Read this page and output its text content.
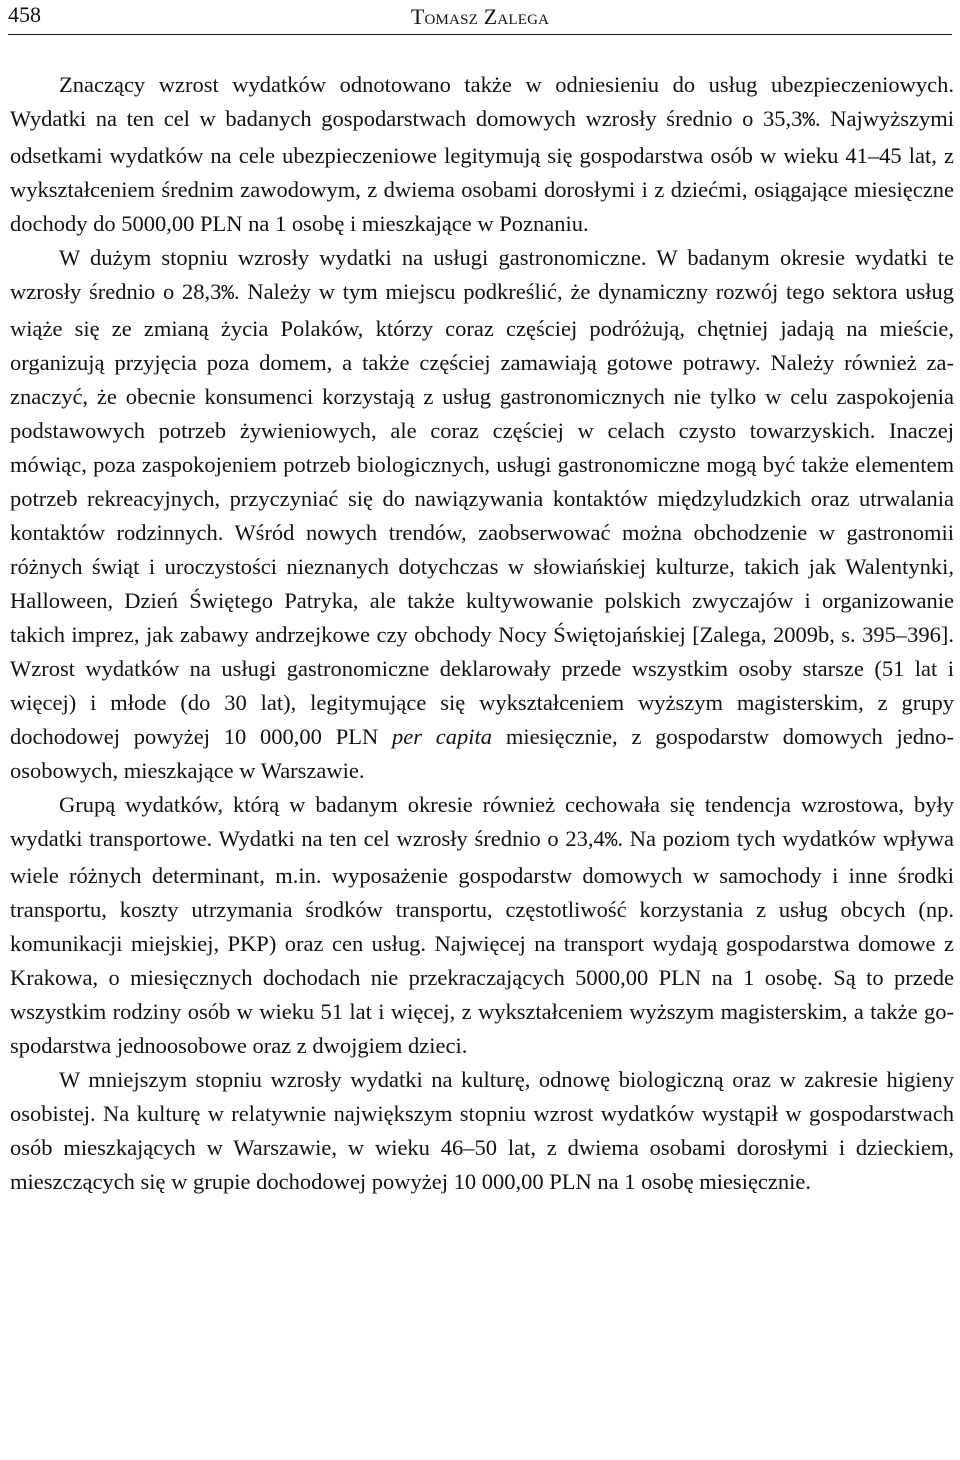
458	Tomasz Zalega

Znaczący wzrost wydatków odnotowano także w odniesieniu do usług ubezpieczeniowych. Wydatki na ten cel w badanych gospodarstwach domowych wzrosły średnio o 35,3%. Najwyższymi odsetkami wydatków na cele ubezpieczeniowe legitymują się gospodarstwa osób w wieku 41–45 lat, z wykształceniem średnim zawodowym, z dwiema osobami dorosłymi i z dziećmi, osiągające miesięczne dochody do 5000,00 PLN na 1 osobę i mieszkające w Poznaniu.

W dużym stopniu wzrosły wydatki na usługi gastronomiczne. W badanym okresie wydatki te wzrosły średnio o 28,3%. Należy w tym miejscu podkreślić, że dynamiczny rozwój tego sektora usług wiąże się ze zmianą życia Polaków, którzy coraz częściej podróżują, chętniej jadają na mieście, organizują przyjęcia poza domem, a także częściej zamawiają gotowe potrawy. Należy również zaznaczyć, że obecnie konsumenci korzystają z usług gastronomicznych nie tylko w celu zaspokojenia podstawowych potrzeb żywieniowych, ale coraz częściej w celach czysto towarzyskich. Inaczej mówiąc, poza zaspokojeniem potrzeb biologicznych, usługi gastronomiczne mogą być także elementem potrzeb rekreacyjnych, przyczyniać się do nawiązywania kontaktów międzyludzkich oraz utrwalania kontaktów rodzinnych. Wśród nowych trendów, zaobserwować można obchodzenie w gastronomii różnych świąt i uroczystości nieznanych dotychczas w słowiańskiej kulturze, takich jak Walentynki, Halloween, Dzień Świętego Patryka, ale także kultywowanie polskich zwyczajów i organizowanie takich imprez, jak zabawy andrzejkowe czy obchody Nocy Świętojańskiej [Zalega, 2009b, s. 395–396]. Wzrost wydatków na usługi gastronomiczne deklarowały przede wszystkim osoby starsze (51 lat i więcej) i młode (do 30 lat), legitymujące się wykształceniem wyższym magisterskim, z grupy dochodowej powyżej 10 000,00 PLN per capita miesięcznie, z gospodarstw domowych jednoosobowych, mieszkające w Warszawie.

Grupą wydatków, którą w badanym okresie również cechowała się tendencja wzrostowa, były wydatki transportowe. Wydatki na ten cel wzrosły średnio o 23,4%. Na poziom tych wydatków wpływa wiele różnych determinant, m.in. wyposażenie gospodarstw domowych w samochody i inne środki transportu, koszty utrzymania środków transportu, częstotliwość korzystania z usług obcych (np. komunikacji miejskiej, PKP) oraz cen usług. Najwięcej na transport wydają gospodarstwa domowe z Krakowa, o miesięcznych dochodach nie przekraczających 5000,00 PLN na 1 osobę. Są to przede wszystkim rodziny osób w wieku 51 lat i więcej, z wykształceniem wyższym magisterskim, a także gospodarstwa jednoosobowe oraz z dwojgiem dzieci.

W mniejszym stopniu wzrosły wydatki na kulturę, odnowę biologiczną oraz w zakresie higieny osobistej. Na kulturę w relatywnie największym stopniu wzrost wydatków wystąpił w gospodarstwach osób mieszkających w Warszawie, w wieku 46–50 lat, z dwiema osobami dorosłymi i dzieckiem, mieszczących się w grupie dochodowej powyżej 10 000,00 PLN na 1 osobę miesięcznie.
